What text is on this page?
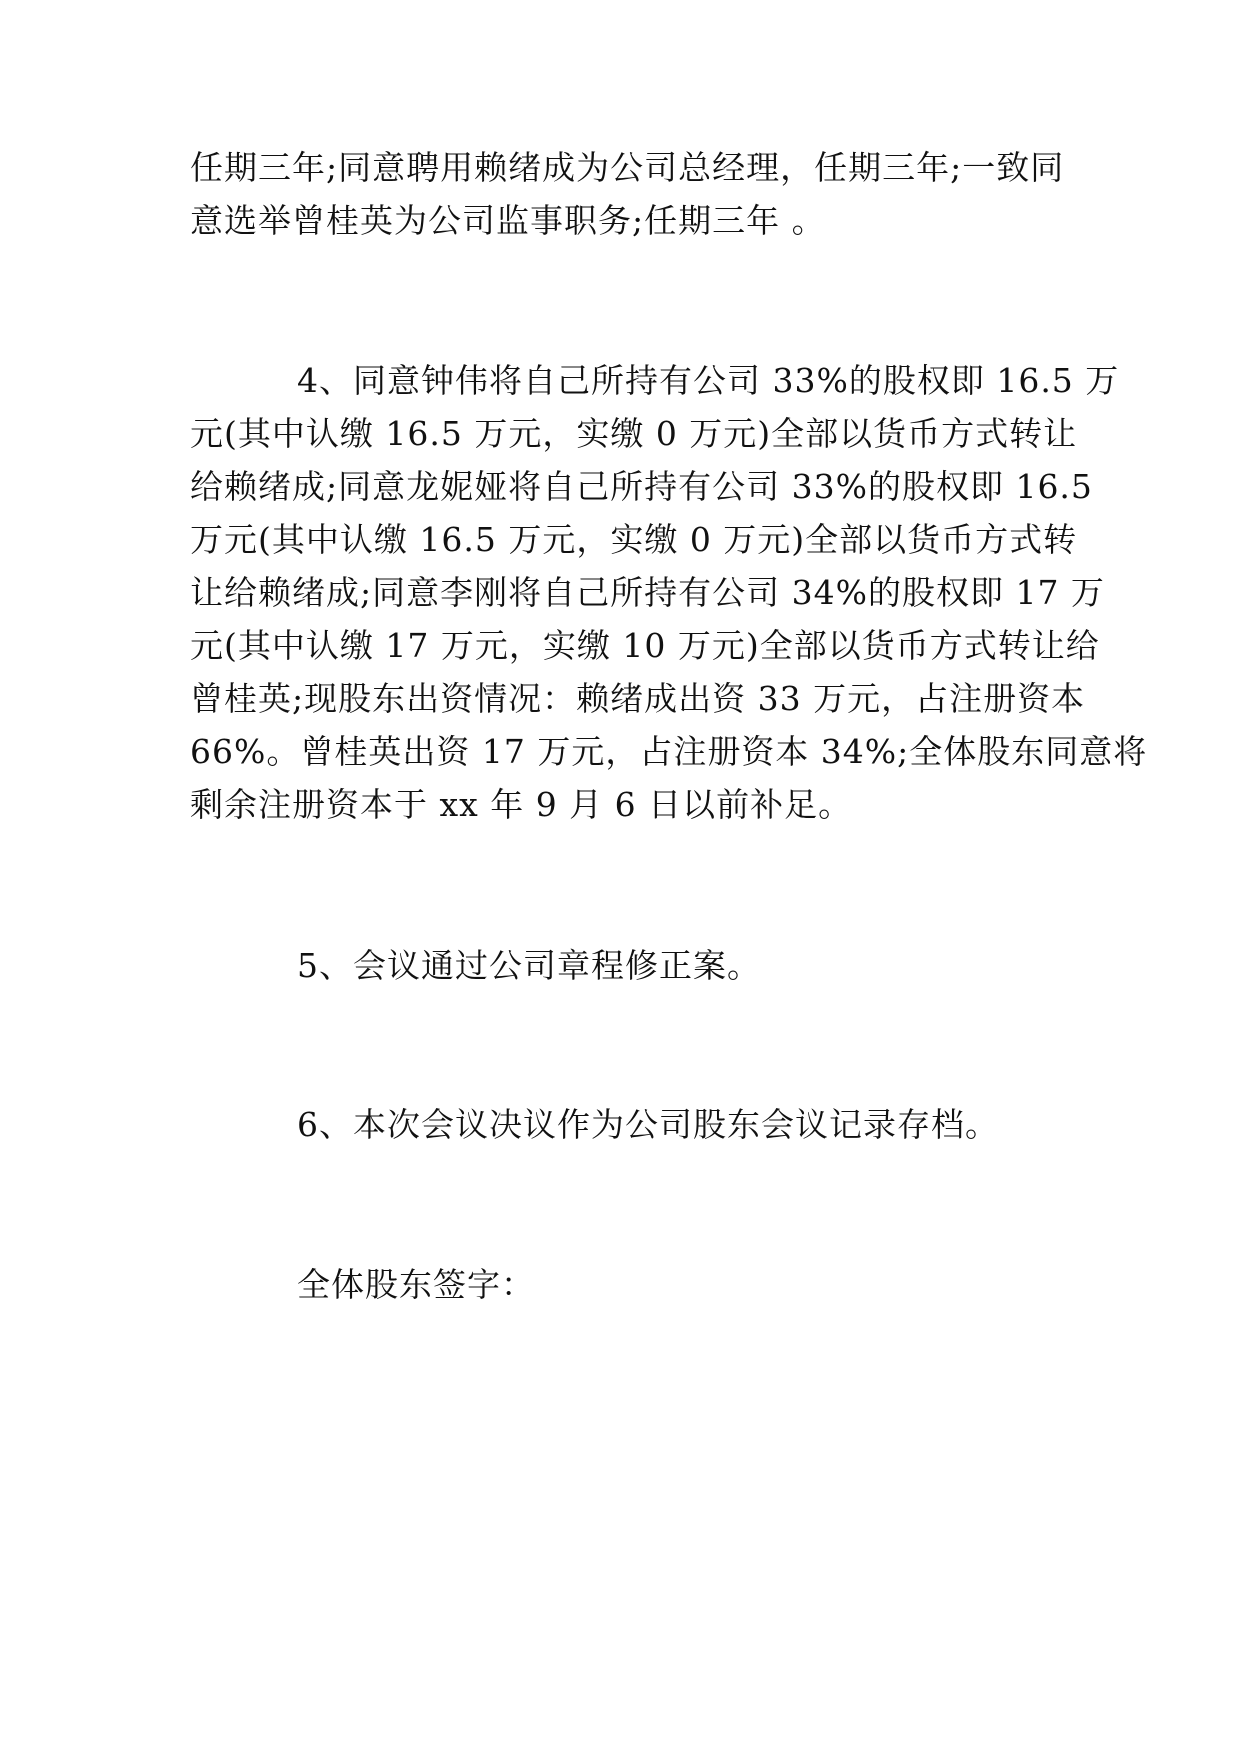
任期三年;同意聘用赖绪成为公司总经理，任期三年;一致同
意选举曾桂英为公司监事职务;任期三年 。
4、同意钟伟将自己所持有公司 33%的股权即 16.5 万
元(其中认缴 16.5 万元，实缴 0 万元)全部以货币方式转让
给赖绪成;同意龙妮娅将自己所持有公司 33%的股权即 16.5
万元(其中认缴 16.5 万元，实缴 0 万元)全部以货币方式转
让给赖绪成;同意李刚将自己所持有公司 34%的股权即 17 万
元(其中认缴 17 万元，实缴 10 万元)全部以货币方式转让给
曾桂英;现股东出资情况：赖绪成出资 33 万元，占注册资本
66%。曾桂英出资 17 万元，占注册资本 34%;全体股东同意将
剩余注册资本于 xx 年 9 月 6 日以前补足。
5、会议通过公司章程修正案。
6、本次会议决议作为公司股东会议记录存档。
全体股东签字：
